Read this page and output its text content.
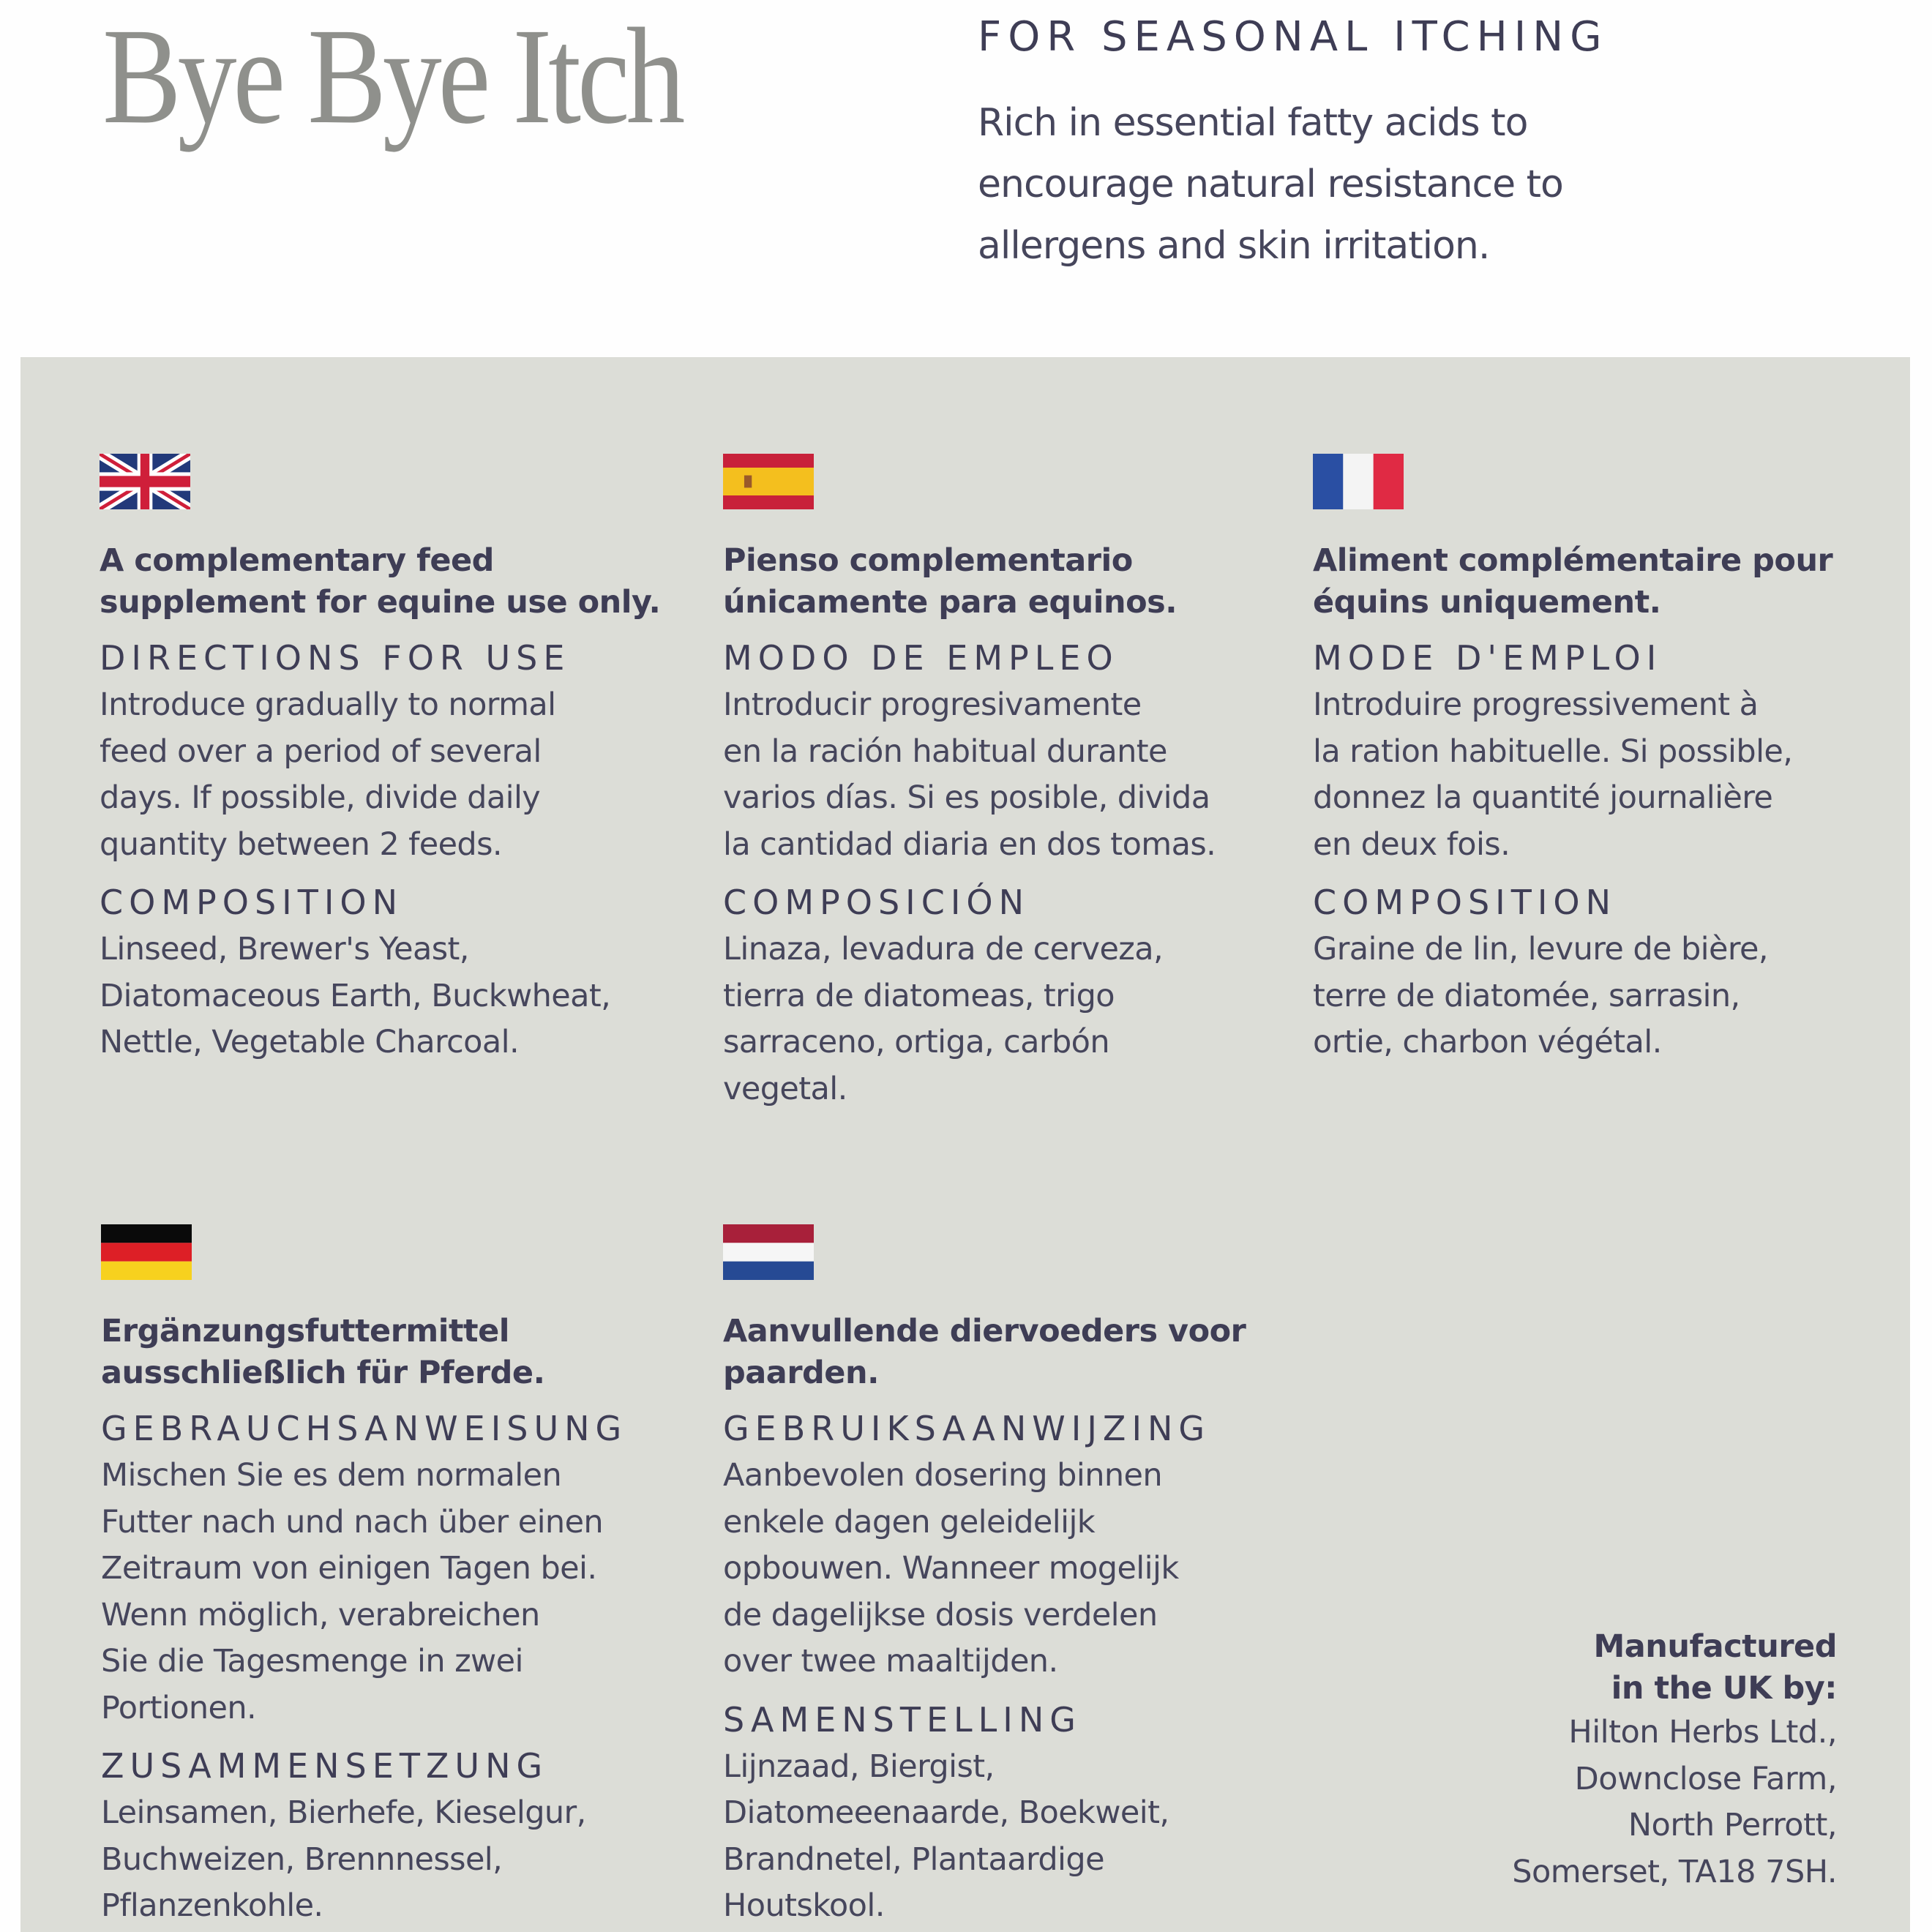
Bye Bye Itch	FOR SEASONAL ITCHING
Rich in essential fatty acids to
encourage natural resistance to
allergens and skin irritation.
A complementary feed
supplement for equine use only.
DIRECTIONS FOR USE
Introduce gradually to normal
feed over a period of several
days. If possible, divide daily
quantity between 2 feeds.
COMPOSITION
Linseed, Brewer's Yeast,
Diatomaceous Earth, Buckwheat,
Nettle, Vegetable Charcoal.
Pienso complementario
únicamente para equinos.
MODO DE EMPLEO
Introducir progresivamente
en la ración habitual durante
varios días. Si es posible, divida
la cantidad diaria en dos tomas.
COMPOSICIÓN
Linaza, levadura de cerveza,
tierra de diatomeas, trigo
sarraceno, ortiga, carbón
vegetal.
Aliment complémentaire pour
équins uniquement.
MODE D'EMPLOI
Introduire progressivement à
la ration habituelle. Si possible,
donnez la quantité journalière
en deux fois.
COMPOSITION
Graine de lin, levure de bière,
terre de diatomée, sarrasin,
ortie, charbon végétal.
Ergänzungsfuttermittel
ausschließlich für Pferde.
GEBRAUCHSANWEISUNG
Mischen Sie es dem normalen
Futter nach und nach über einen
Zeitraum von einigen Tagen bei.
Wenn möglich, verabreichen
Sie die Tagesmenge in zwei
Portionen.
ZUSAMMENSETZUNG
Leinsamen, Bierhefe, Kieselgur,
Buchweizen, Brennnessel,
Pflanzenkohle.
Aanvullende diervoeders voor
paarden.
GEBRUIKSAANWIJZING
Aanbevolen dosering binnen
enkele dagen geleidelijk
opbouwen. Wanneer mogelijk
de dagelijkse dosis verdelen
over twee maaltijden.
SAMENSTELLING
Lijnzaad, Biergist,
Diatomeeenaarde, Boekweit,
Brandnetel, Plantaardige
Houtskool.
Manufactured
in the UK by:
Hilton Herbs Ltd.,
Downclose Farm,
North Perrott,
Somerset, TA18 7SH.
